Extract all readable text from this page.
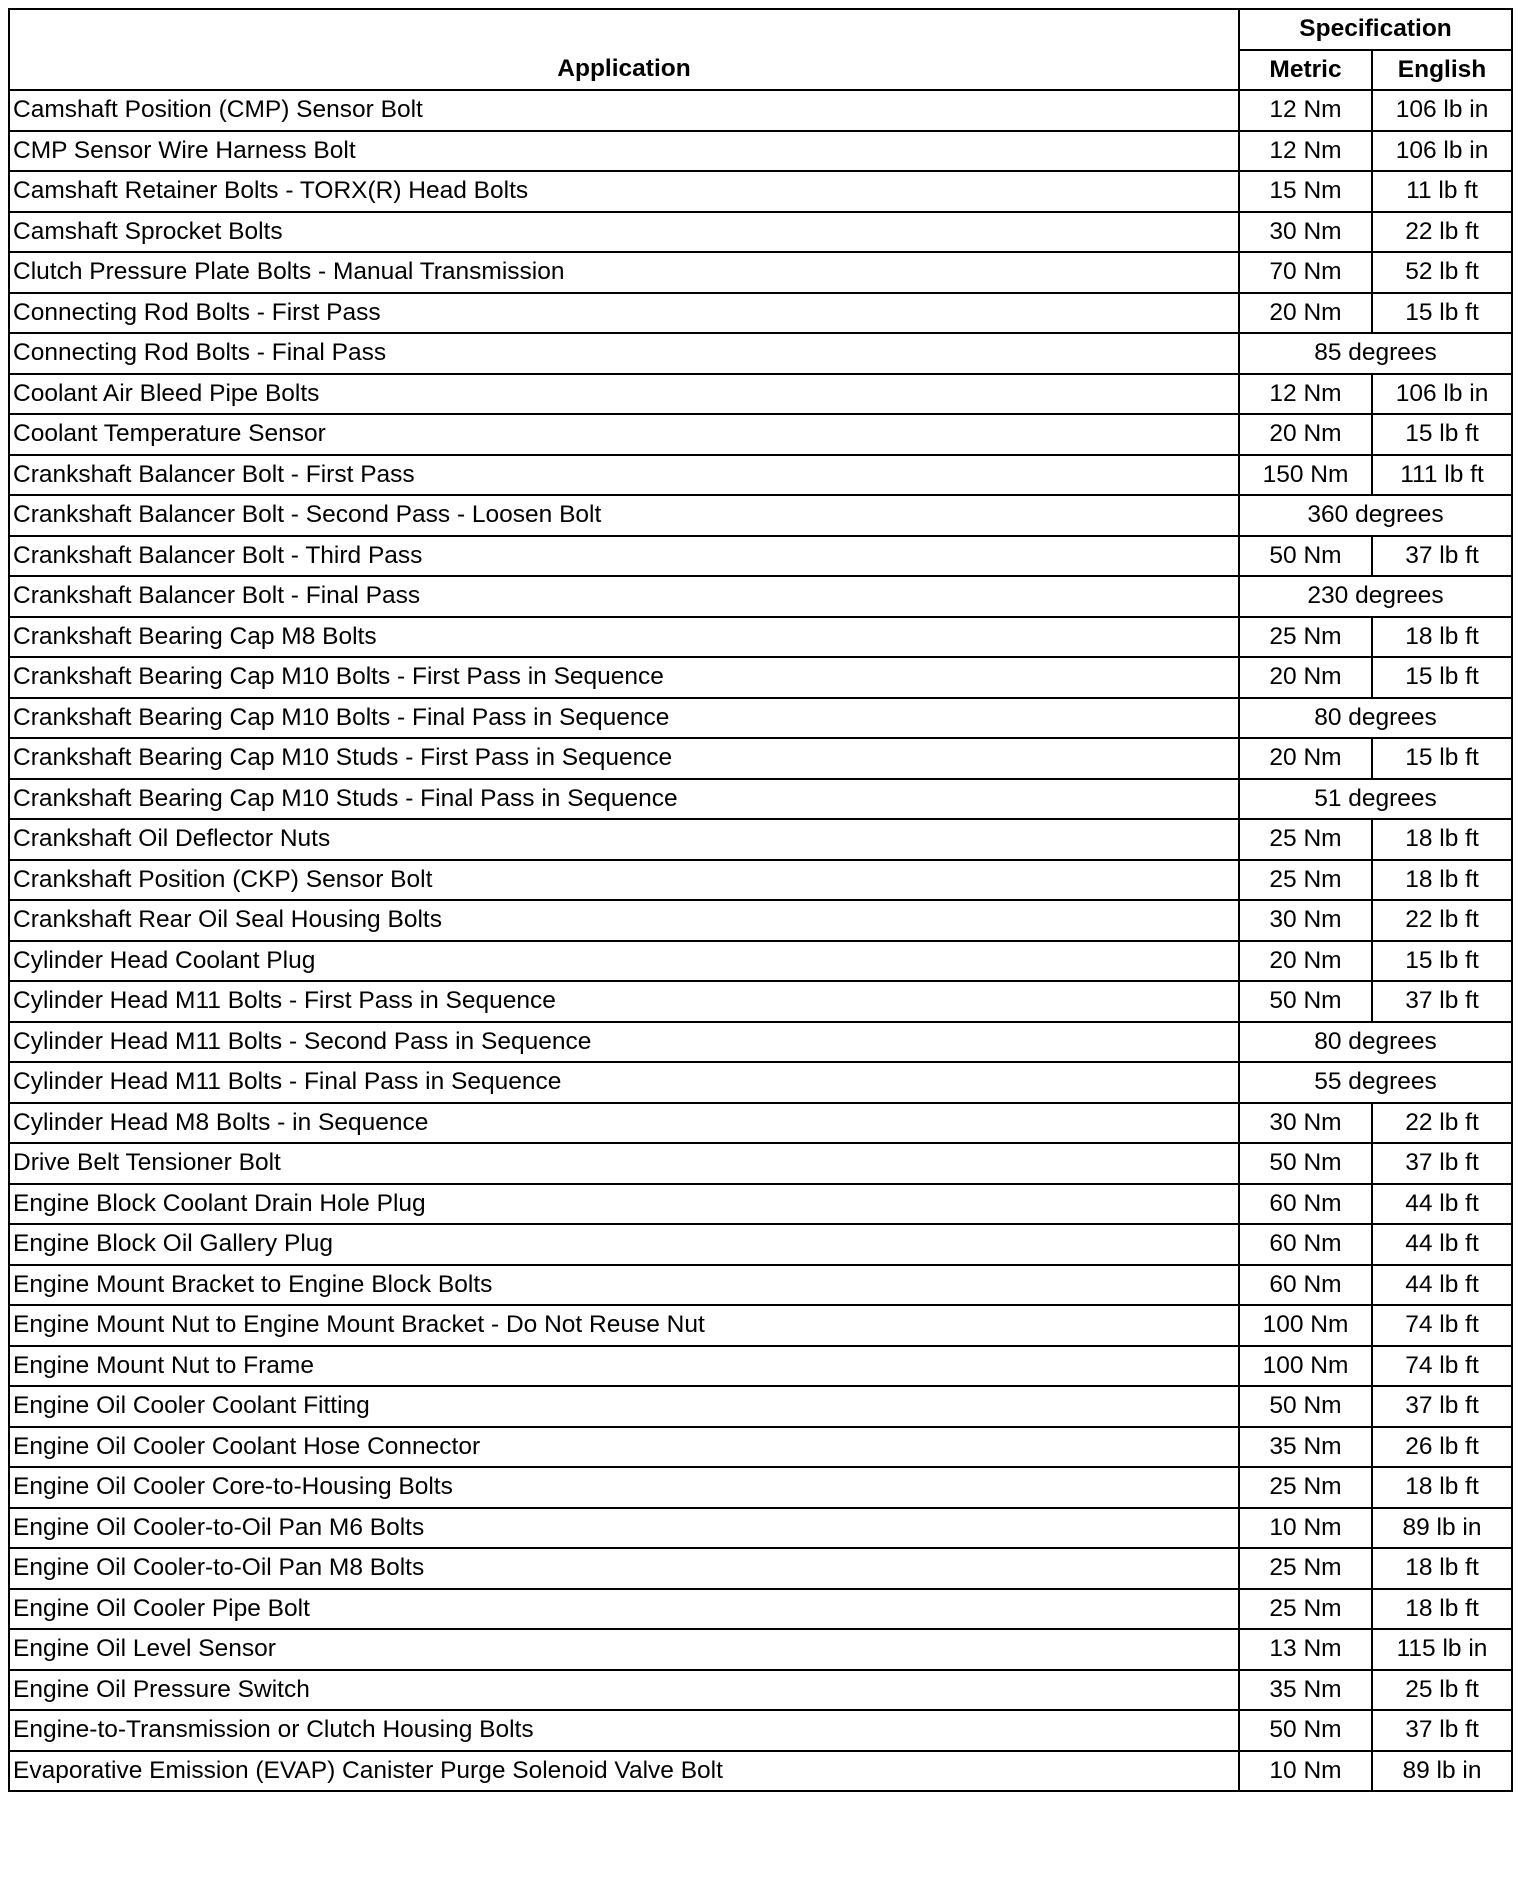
Application	Specification	
	Metric	English
Camshaft Position (CMP) Sensor Bolt	12 Nm	106 lb in
CMP Sensor Wire Harness Bolt	12 Nm	106 lb in
Camshaft Retainer Bolts - TORX(R) Head Bolts	15 Nm	11 lb ft
Camshaft Sprocket Bolts	30 Nm	22 lb ft
Clutch Pressure Plate Bolts - Manual Transmission	70 Nm	52 lb ft
Connecting Rod Bolts - First Pass	20 Nm	15 lb ft
Connecting Rod Bolts - Final Pass	85 degrees	
Coolant Air Bleed Pipe Bolts	12 Nm	106 lb in
Coolant Temperature Sensor	20 Nm	15 lb ft
Crankshaft Balancer Bolt - First Pass	150 Nm	111 lb ft
Crankshaft Balancer Bolt - Second Pass - Loosen Bolt	360 degrees	
Crankshaft Balancer Bolt - Third Pass	50 Nm	37 lb ft
Crankshaft Balancer Bolt - Final Pass	230 degrees	
Crankshaft Bearing Cap M8 Bolts	25 Nm	18 lb ft
Crankshaft Bearing Cap M10 Bolts - First Pass in Sequence	20 Nm	15 lb ft
Crankshaft Bearing Cap M10 Bolts - Final Pass in Sequence	80 degrees	
Crankshaft Bearing Cap M10 Studs - First Pass in Sequence	20 Nm	15 lb ft
Crankshaft Bearing Cap M10 Studs - Final Pass in Sequence	51 degrees	
Crankshaft Oil Deflector Nuts	25 Nm	18 lb ft
Crankshaft Position (CKP) Sensor Bolt	25 Nm	18 lb ft
Crankshaft Rear Oil Seal Housing Bolts	30 Nm	22 lb ft
Cylinder Head Coolant Plug	20 Nm	15 lb ft
Cylinder Head M11 Bolts - First Pass in Sequence	50 Nm	37 lb ft
Cylinder Head M11 Bolts - Second Pass in Sequence	80 degrees	
Cylinder Head M11 Bolts - Final Pass in Sequence	55 degrees	
Cylinder Head M8 Bolts - in Sequence	30 Nm	22 lb ft
Drive Belt Tensioner Bolt	50 Nm	37 lb ft
Engine Block Coolant Drain Hole Plug	60 Nm	44 lb ft
Engine Block Oil Gallery Plug	60 Nm	44 lb ft
Engine Mount Bracket to Engine Block Bolts	60 Nm	44 lb ft
Engine Mount Nut to Engine Mount Bracket - Do Not Reuse Nut	100 Nm	74 lb ft
Engine Mount Nut to Frame	100 Nm	74 lb ft
Engine Oil Cooler Coolant Fitting	50 Nm	37 lb ft
Engine Oil Cooler Coolant Hose Connector	35 Nm	26 lb ft
Engine Oil Cooler Core-to-Housing Bolts	25 Nm	18 lb ft
Engine Oil Cooler-to-Oil Pan M6 Bolts	10 Nm	89 lb in
Engine Oil Cooler-to-Oil Pan M8 Bolts	25 Nm	18 lb ft
Engine Oil Cooler Pipe Bolt	25 Nm	18 lb ft
Engine Oil Level Sensor	13 Nm	115 lb in
Engine Oil Pressure Switch	35 Nm	25 lb ft
Engine-to-Transmission or Clutch Housing Bolts	50 Nm	37 lb ft
Evaporative Emission (EVAP) Canister Purge Solenoid Valve Bolt	10 Nm	89 lb in
